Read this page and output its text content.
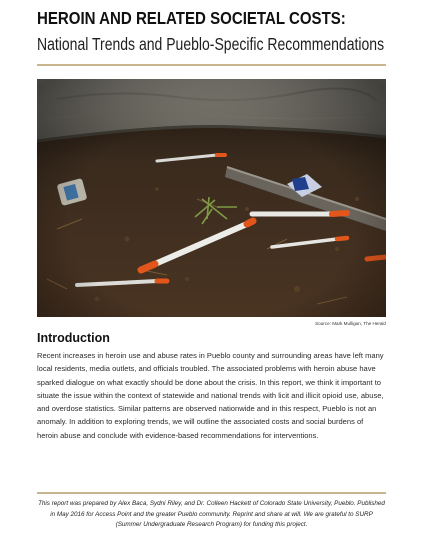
HEROIN AND RELATED SOCIETAL COSTS:
National Trends and Pueblo-Specific Recommendations
Source: Mark Mulligan, The Herald
Introduction
Recent increases in heroin use and abuse rates in Pueblo county and surrounding areas have left many local residents, media outlets, and officials troubled. The associated problems with heroin abuse have sparked dialogue on what exactly should be done about the crisis. In this report, we think it important to situate the issue within the context of statewide and national trends with licit and illicit opioid use, abuse, and overdose statistics. Similar patterns are observed nationwide and in this respect, Pueblo is not an anomaly. In addition to exploring trends, we will outline the associated costs and social burdens of heroin abuse and conclude with evidence-based recommendations for interventions.
This report was prepared by Alex Baca, Sydni Riley, and Dr. Colleen Hackett of Colorado State University, Pueblo. Published in May 2016 for Access Point and the greater Pueblo community. Reprint and share at will. We are grateful to SURP (Summer Undergraduate Research Program) for funding this project.
